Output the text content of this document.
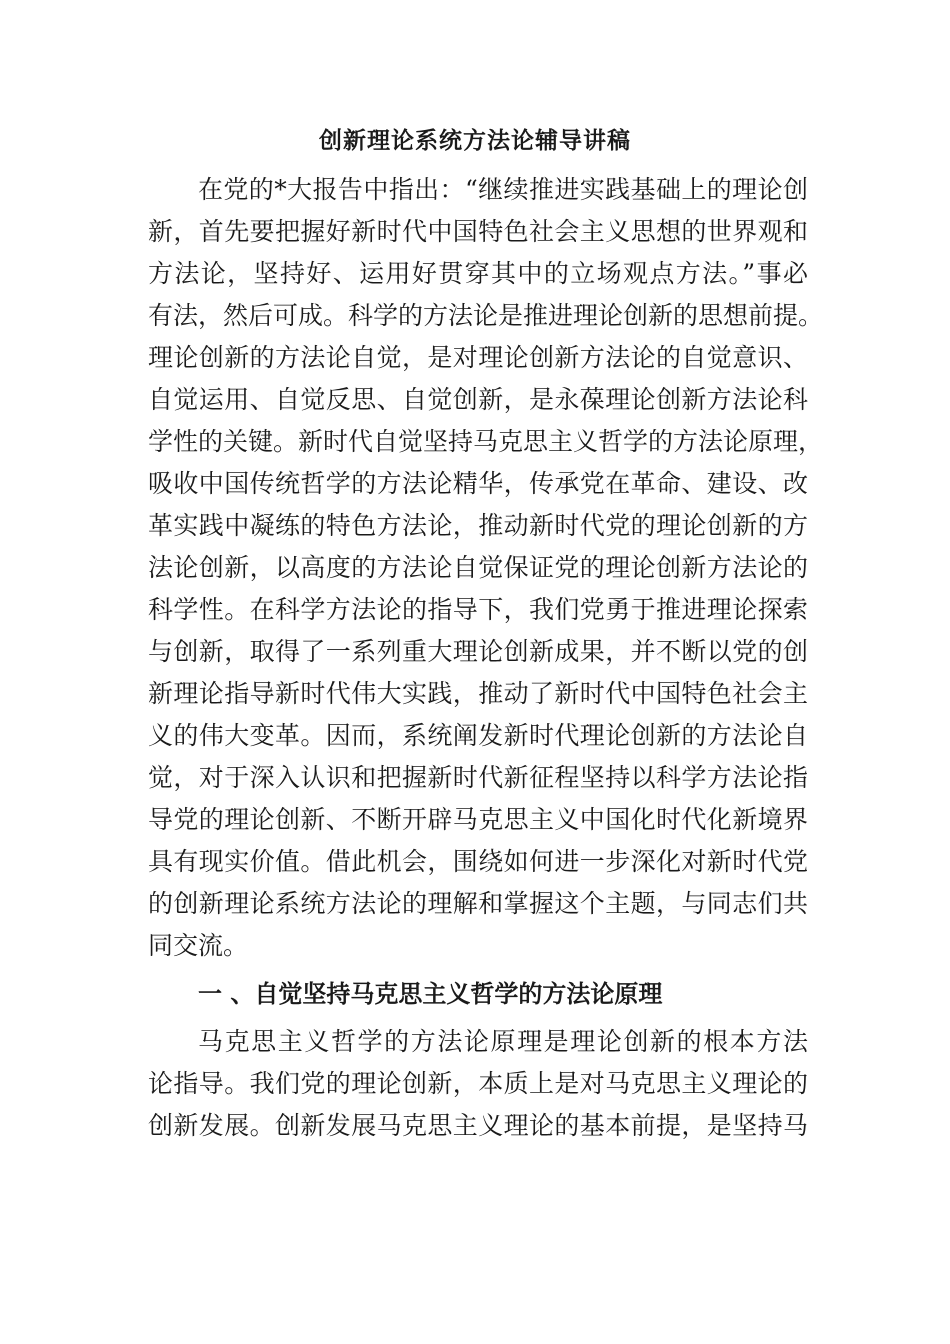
创新理论系统方法论辅导讲稿

在党的*大报告中指出：“继续推进实践基础上的理论创

新，首先要把握好新时代中国特色社会主义思想的世界观和

方法论，坚持好、运用好贯穿其中的立场观点方法。”事必

有法，然后可成。科学的方法论是推进理论创新的思想前提。

理论创新的方法论自觉，是对理论创新方法论的自觉意识、

自觉运用、自觉反思、自觉创新，是永葆理论创新方法论科

学性的关键。新时代自觉坚持马克思主义哲学的方法论原理，

吸收中国传统哲学的方法论精华，传承党在革命、建设、改

革实践中凝练的特色方法论，推动新时代党的理论创新的方

法论创新，以高度的方法论自觉保证党的理论创新方法论的

科学性。在科学方法论的指导下，我们党勇于推进理论探索

与创新，取得了一系列重大理论创新成果，并不断以党的创

新理论指导新时代伟大实践，推动了新时代中国特色社会主

义的伟大变革。因而，系统阐发新时代理论创新的方法论自

觉，对于深入认识和把握新时代新征程坚持以科学方法论指

导党的理论创新、不断开辟马克思主义中国化时代化新境界

具有现实价值。借此机会，围绕如何进一步深化对新时代党

的创新理论系统方法论的理解和掌握这个主题，与同志们共

同交流。

一 、自觉坚持马克思主义哲学的方法论原理

马克思主义哲学的方法论原理是理论创新的根本方法

论指导。我们党的理论创新，本质上是对马克思主义理论的

创新发展。创新发展马克思主义理论的基本前提，是坚持马
